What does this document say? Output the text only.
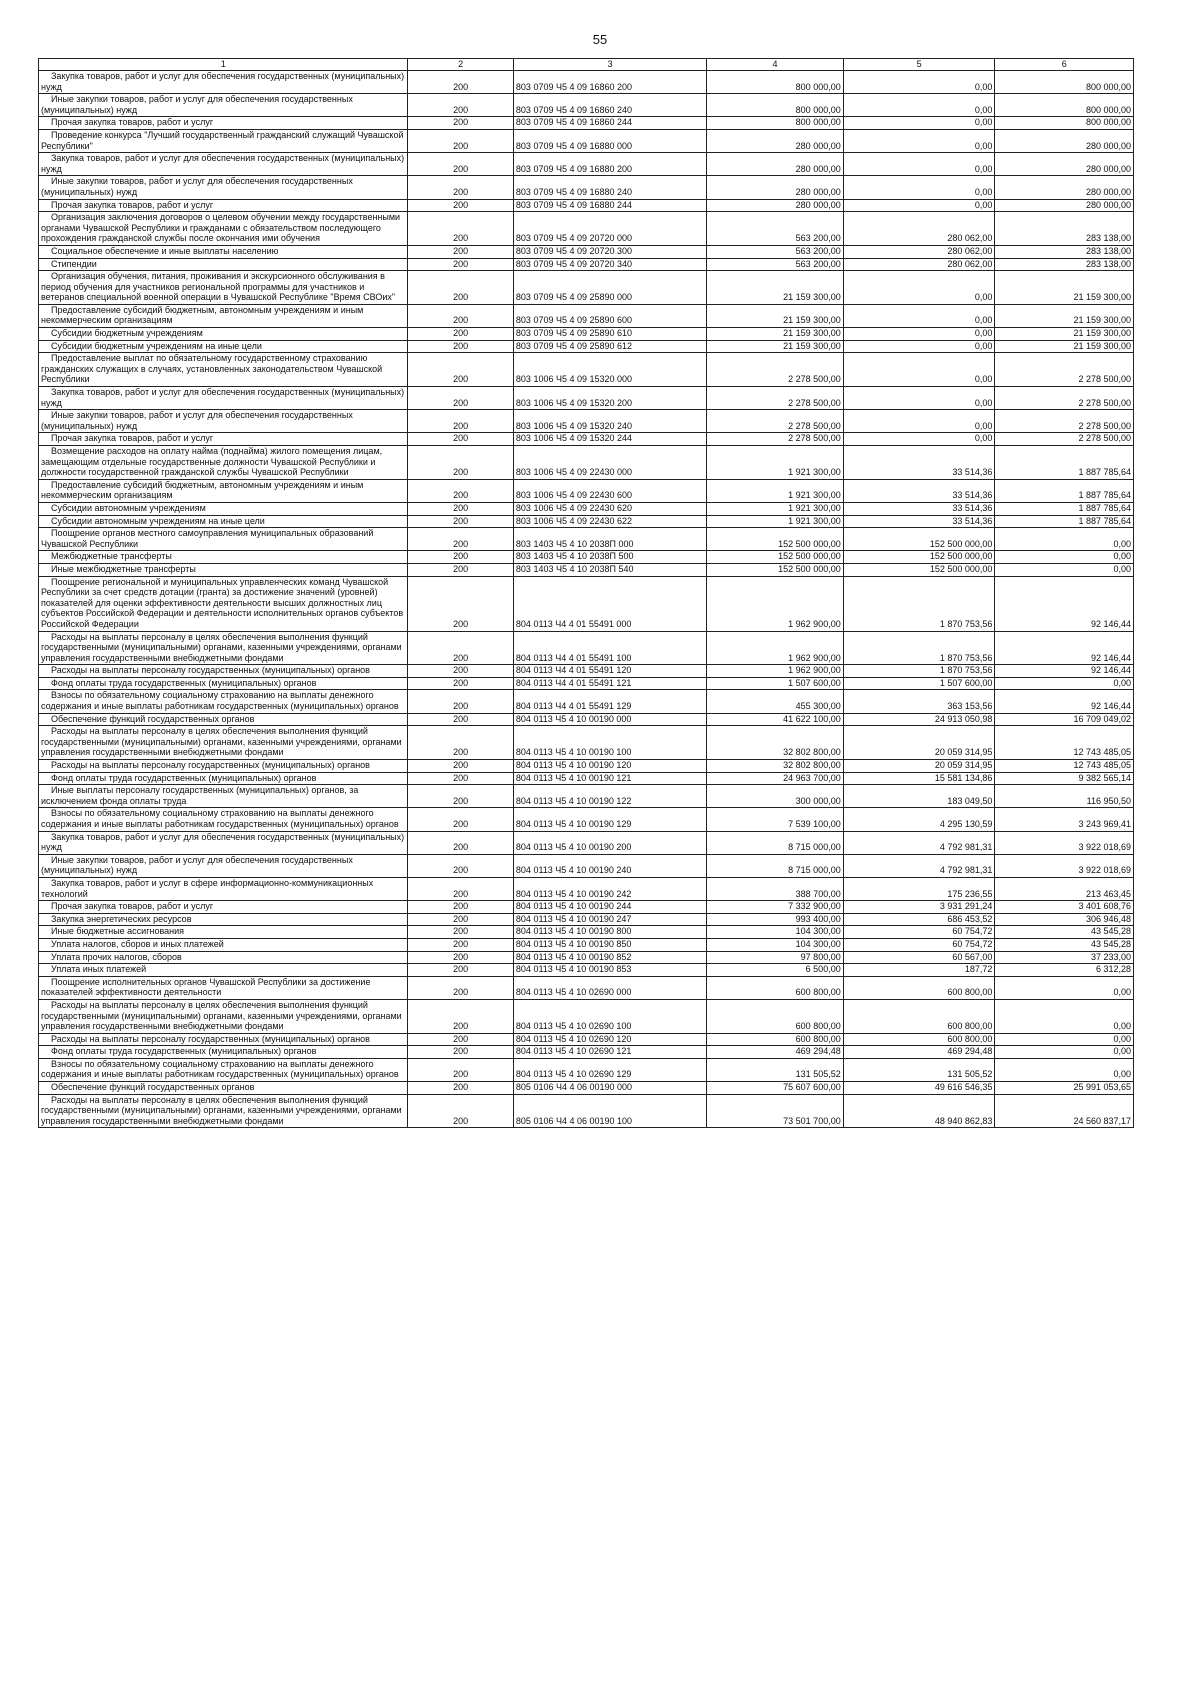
55
1	2	3	4	5	6
Закупка товаров, работ и услуг для обеспечения государственных (муниципальных) нужд	200	803 0709 Ч5 4 09 16860 200	800 000,00	0,00	800 000,00
Иные закупки товаров, работ и услуг для обеспечения государственных (муниципальных) нужд	200	803 0709 Ч5 4 09 16860 240	800 000,00	0,00	800 000,00
Прочая закупка товаров, работ и услуг	200	803 0709 Ч5 4 09 16860 244	800 000,00	0,00	800 000,00
Проведение конкурса "Лучший государственный гражданский служащий Чувашской Республики"	200	803 0709 Ч5 4 09 16880 000	280 000,00	0,00	280 000,00
Закупка товаров, работ и услуг для обеспечения государственных (муниципальных) нужд	200	803 0709 Ч5 4 09 16880 200	280 000,00	0,00	280 000,00
Иные закупки товаров, работ и услуг для обеспечения государственных (муниципальных) нужд	200	803 0709 Ч5 4 09 16880 240	280 000,00	0,00	280 000,00
Прочая закупка товаров, работ и услуг	200	803 0709 Ч5 4 09 16880 244	280 000,00	0,00	280 000,00
Организация заключения договоров о целевом обучении между государственными органами Чувашской Республики и гражданами с обязательством последующего прохождения гражданской службы после окончания ими обучения	200	803 0709 Ч5 4 09 20720 000	563 200,00	280 062,00	283 138,00
Социальное обеспечение и иные выплаты населению	200	803 0709 Ч5 4 09 20720 300	563 200,00	280 062,00	283 138,00
Стипендии	200	803 0709 Ч5 4 09 20720 340	563 200,00	280 062,00	283 138,00
Организация обучения, питания, проживания и экскурсионного обслуживания в период обучения для участников региональной программы для участников и ветеранов специальной военной операции в Чувашской Республике "Время СВОих"	200	803 0709 Ч5 4 09 25890 000	21 159 300,00	0,00	21 159 300,00
Предоставление субсидий бюджетным, автономным учреждениям и иным некоммерческим организациям	200	803 0709 Ч5 4 09 25890 600	21 159 300,00	0,00	21 159 300,00
Субсидии бюджетным учреждениям	200	803 0709 Ч5 4 09 25890 610	21 159 300,00	0,00	21 159 300,00
Субсидии бюджетным учреждениям на иные цели	200	803 0709 Ч5 4 09 25890 612	21 159 300,00	0,00	21 159 300,00
Предоставление выплат по обязательному государственному страхованию гражданских служащих в случаях, установленных законодательством Чувашской Республики	200	803 1006 Ч5 4 09 15320 000	2 278 500,00	0,00	2 278 500,00
Закупка товаров, работ и услуг для обеспечения государственных (муниципальных) нужд	200	803 1006 Ч5 4 09 15320 200	2 278 500,00	0,00	2 278 500,00
Иные закупки товаров, работ и услуг для обеспечения государственных (муниципальных) нужд	200	803 1006 Ч5 4 09 15320 240	2 278 500,00	0,00	2 278 500,00
Прочая закупка товаров, работ и услуг	200	803 1006 Ч5 4 09 15320 244	2 278 500,00	0,00	2 278 500,00
Возмещение расходов на оплату найма (поднайма) жилого помещения лицам, замещающим отдельные государственные должности Чувашской Республики и должности государственной гражданской службы Чувашской Республики	200	803 1006 Ч5 4 09 22430 000	1 921 300,00	33 514,36	1 887 785,64
Предоставление субсидий бюджетным, автономным учреждениям и иным некоммерческим организациям	200	803 1006 Ч5 4 09 22430 600	1 921 300,00	33 514,36	1 887 785,64
Субсидии автономным учреждениям	200	803 1006 Ч5 4 09 22430 620	1 921 300,00	33 514,36	1 887 785,64
Субсидии автономным учреждениям на иные цели	200	803 1006 Ч5 4 09 22430 622	1 921 300,00	33 514,36	1 887 785,64
Поощрение органов местного самоуправления муниципальных образований Чувашской Республики	200	803 1403 Ч5 4 10 2038П 000	152 500 000,00	152 500 000,00	0,00
Межбюджетные трансферты	200	803 1403 Ч5 4 10 2038П 500	152 500 000,00	152 500 000,00	0,00
Иные межбюджетные трансферты	200	803 1403 Ч5 4 10 2038П 540	152 500 000,00	152 500 000,00	0,00
Поощрение региональной и муниципальных управленческих команд Чувашской Республики за счет средств дотации (гранта) за достижение значений (уровней) показателей для оценки эффективности деятельности высших должностных лиц субъектов Российской Федерации и деятельности исполнительных органов субъектов Российской Федерации	200	804 0113 Ч4 4 01 55491 000	1 962 900,00	1 870 753,56	92 146,44
Расходы на выплаты персоналу в целях обеспечения выполнения функций государственными (муниципальными) органами, казенными учреждениями, органами управления государственными внебюджетными фондами	200	804 0113 Ч4 4 01 55491 100	1 962 900,00	1 870 753,56	92 146,44
Расходы на выплаты персоналу государственных (муниципальных) органов	200	804 0113 Ч4 4 01 55491 120	1 962 900,00	1 870 753,56	92 146,44
Фонд оплаты труда государственных (муниципальных) органов	200	804 0113 Ч4 4 01 55491 121	1 507 600,00	1 507 600,00	0,00
Взносы по обязательному социальному страхованию на выплаты денежного содержания и иные выплаты работникам государственных (муниципальных) органов	200	804 0113 Ч4 4 01 55491 129	455 300,00	363 153,56	92 146,44
Обеспечение функций государственных органов	200	804 0113 Ч5 4 10 00190 000	41 622 100,00	24 913 050,98	16 709 049,02
Расходы на выплаты персоналу в целях обеспечения выполнения функций государственными (муниципальными) органами, казенными учреждениями, органами управления государственными внебюджетными фондами	200	804 0113 Ч5 4 10 00190 100	32 802 800,00	20 059 314,95	12 743 485,05
Расходы на выплаты персоналу государственных (муниципальных) органов	200	804 0113 Ч5 4 10 00190 120	32 802 800,00	20 059 314,95	12 743 485,05
Фонд оплаты труда государственных (муниципальных) органов	200	804 0113 Ч5 4 10 00190 121	24 963 700,00	15 581 134,86	9 382 565,14
Иные выплаты персоналу государственных (муниципальных) органов, за исключением фонда оплаты труда	200	804 0113 Ч5 4 10 00190 122	300 000,00	183 049,50	116 950,50
Взносы по обязательному социальному страхованию на выплаты денежного содержания и иные выплаты работникам государственных (муниципальных) органов	200	804 0113 Ч5 4 10 00190 129	7 539 100,00	4 295 130,59	3 243 969,41
Закупка товаров, работ и услуг для обеспечения государственных (муниципальных) нужд	200	804 0113 Ч5 4 10 00190 200	8 715 000,00	4 792 981,31	3 922 018,69
Иные закупки товаров, работ и услуг для обеспечения государственных (муниципальных) нужд	200	804 0113 Ч5 4 10 00190 240	8 715 000,00	4 792 981,31	3 922 018,69
Закупка товаров, работ и услуг в сфере информационно-коммуникационных технологий	200	804 0113 Ч5 4 10 00190 242	388 700,00	175 236,55	213 463,45
Прочая закупка товаров, работ и услуг	200	804 0113 Ч5 4 10 00190 244	7 332 900,00	3 931 291,24	3 401 608,76
Закупка энергетических ресурсов	200	804 0113 Ч5 4 10 00190 247	993 400,00	686 453,52	306 946,48
Иные бюджетные ассигнования	200	804 0113 Ч5 4 10 00190 800	104 300,00	60 754,72	43 545,28
Уплата налогов, сборов и иных платежей	200	804 0113 Ч5 4 10 00190 850	104 300,00	60 754,72	43 545,28
Уплата прочих налогов, сборов	200	804 0113 Ч5 4 10 00190 852	97 800,00	60 567,00	37 233,00
Уплата иных платежей	200	804 0113 Ч5 4 10 00190 853	6 500,00	187,72	6 312,28
Поощрение исполнительных органов Чувашской Республики за достижение показателей эффективности деятельности	200	804 0113 Ч5 4 10 02690 000	600 800,00	600 800,00	0,00
Расходы на выплаты персоналу в целях обеспечения выполнения функций государственными (муниципальными) органами, казенными учреждениями, органами управления государственными внебюджетными фондами	200	804 0113 Ч5 4 10 02690 100	600 800,00	600 800,00	0,00
Расходы на выплаты персоналу государственных (муниципальных) органов	200	804 0113 Ч5 4 10 02690 120	600 800,00	600 800,00	0,00
Фонд оплаты труда государственных (муниципальных) органов	200	804 0113 Ч5 4 10 02690 121	469 294,48	469 294,48	0,00
Взносы по обязательному социальному страхованию на выплаты денежного содержания и иные выплаты работникам государственных (муниципальных) органов	200	804 0113 Ч5 4 10 02690 129	131 505,52	131 505,52	0,00
Обеспечение функций государственных органов	200	805 0106 Ч4 4 06 00190 000	75 607 600,00	49 616 546,35	25 991 053,65
Расходы на выплаты персоналу в целях обеспечения выполнения функций государственными (муниципальными) органами, казенными учреждениями, органами управления государственными внебюджетными фондами	200	805 0106 Ч4 4 06 00190 100	73 501 700,00	48 940 862,83	24 560 837,17
